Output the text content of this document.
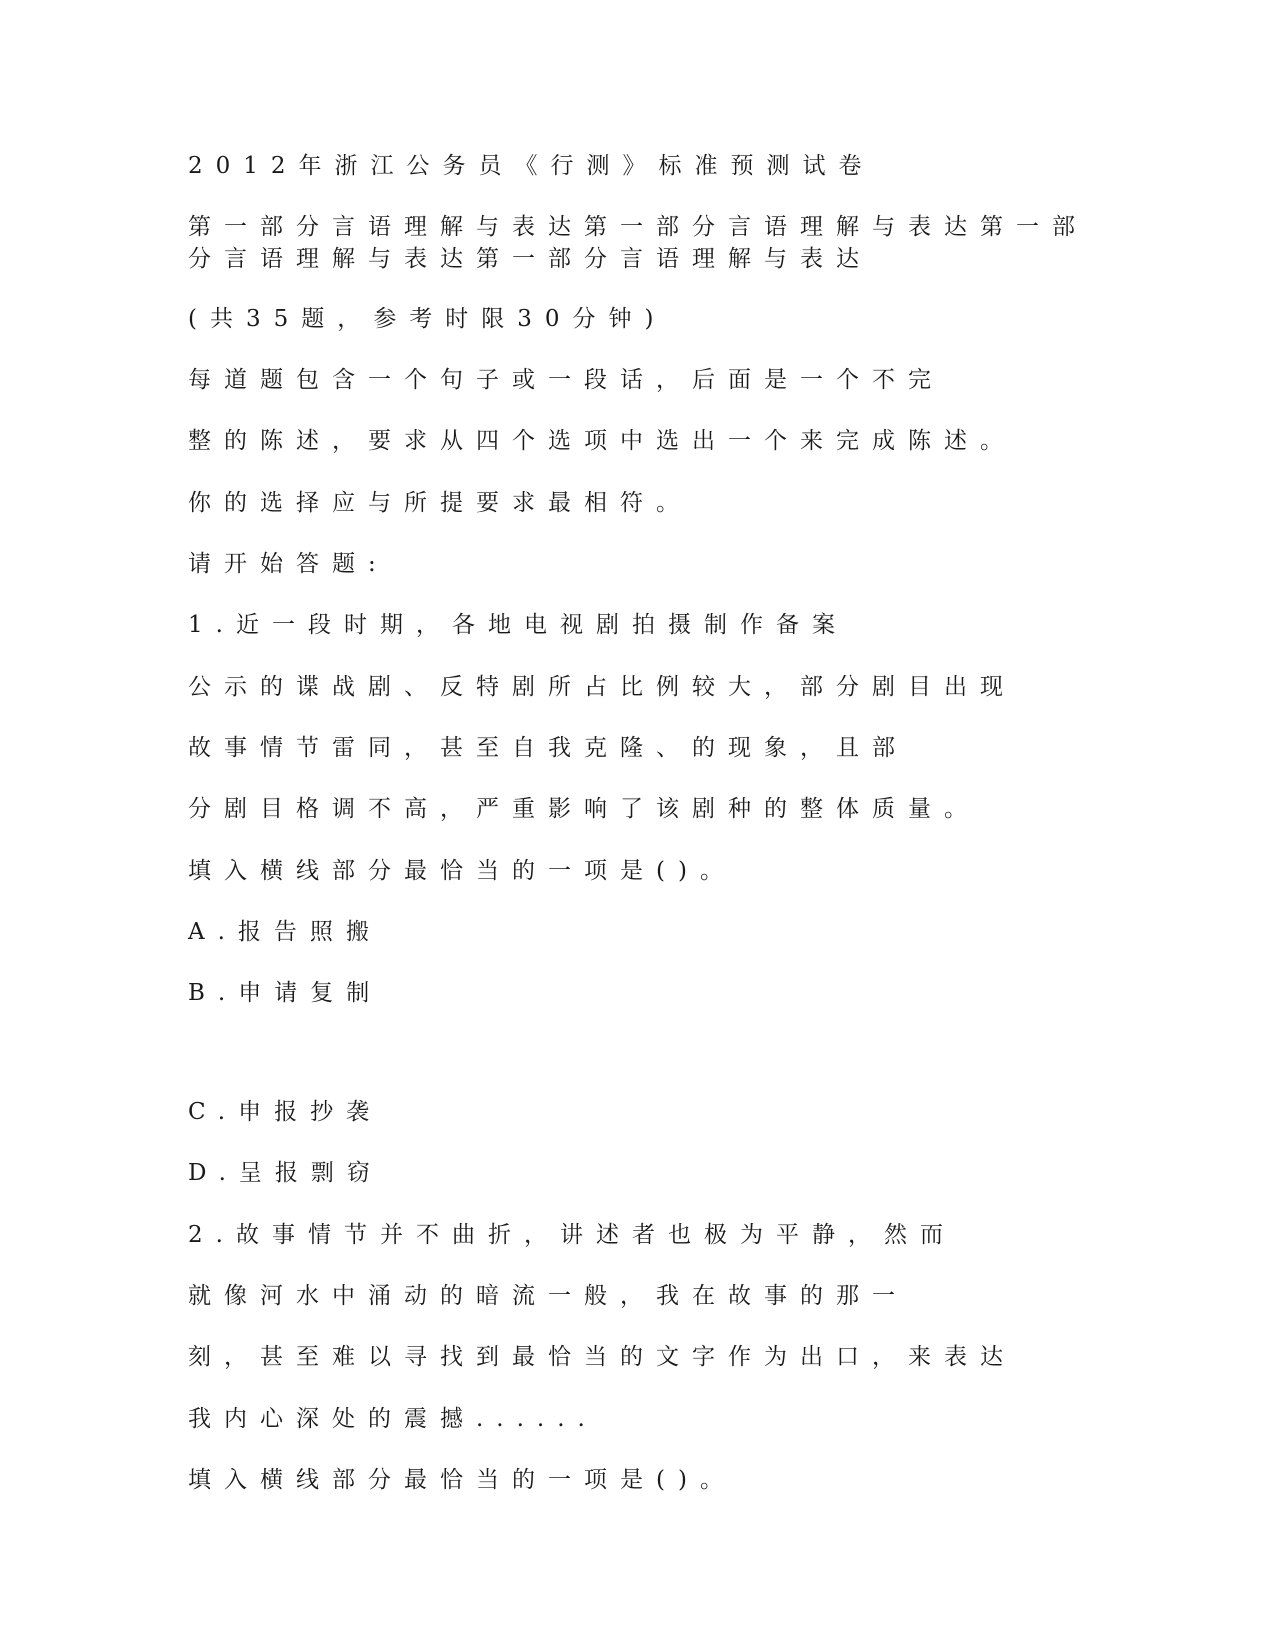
2012年浙江公务员《行测》标准预测试卷

第一部分言语理解与表达第一部分言语理解与表达第一部分言语理解与表达第一部分言语理解与表达

(共35题，参考时限30分钟)

每道题包含一个句子或一段话，后面是一个不完

整的陈述，要求从四个选项中选出一个来完成陈述。

你的选择应与所提要求最相符。

请开始答题:

1.近一段时期，各地电视剧拍摄制作备案

公示的谍战剧、反特剧所占比例较大，部分剧目出现

故事情节雷同，甚至自我克隆、的现象，且部

分剧目格调不高，严重影响了该剧种的整体质量。

填入横线部分最恰当的一项是()。

A.报告照搬

B.申请复制

C.申报抄袭

D.呈报剽窃

2.故事情节并不曲折，讲述者也极为平静，然而

就像河水中涌动的暗流一般，我在故事的那一

刻，甚至难以寻找到最恰当的文字作为出口，来表达

我内心深处的震撼......

填入横线部分最恰当的一项是()。
